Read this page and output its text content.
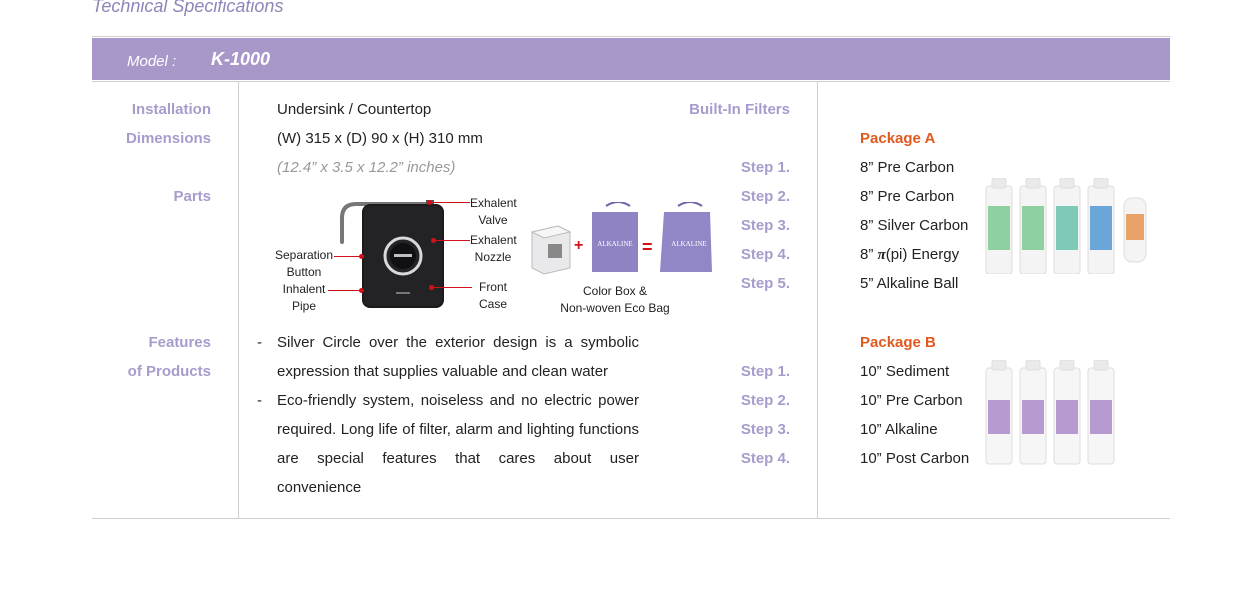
Technical Specifications
Model : K-1000
Installation
Dimensions
Parts
Features
of Products
Undersink / Countertop
(W) 315 x (D) 90 x (H) 310 mm
(12.4” x 3.5 x 12.2” inches)
Exhalent
Valve
Exhalent
Nozzle
Separation
Button
Inhalent
Pipe
Front
Case
+	=
ALKALINE	ALKALINE
Color Box &
Non-woven Eco Bag
- Silver Circle over the exterior design is a symbolic expression that supplies valuable and clean water
- Eco-friendly system, noiseless and no electric power required. Long life of filter, alarm and lighting functions are special features that cares about user convenience
Built-In Filters
Package A
Step 1.
Step 2.
Step 3.
Step 4.
Step 5.
8” Pre Carbon
8” Pre Carbon
8” Silver Carbon
8” π(pi) Energy
5” Alkaline Ball
Package B
Step 1.
Step 2.
Step 3.
Step 4.
10” Sediment
10” Pre Carbon
10” Alkaline
10” Post Carbon
